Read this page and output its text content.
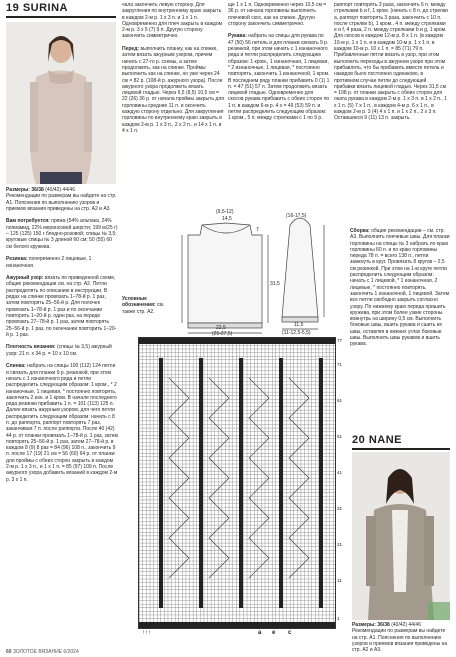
19 SURINA
Размеры: 36/38 (40/42) 44/46
Рекомендации по размерам вы найдете на стр. А1. Пояснения по выполнению узоров и приемов вязания приведены на стр. А2 и А3.

Вам потребуется: пряжа (54% альпака, 24% полиамид, 22% меринсовой шерсти; 199 м/25 г) – 125 (125) 150 г бледно-розовой; спицы № 3,5; круговые спицы № 3 длиной 60 см; 50 (55) 60 см белого кружева.

Резинка: попеременно 2 лицевые, 1 изнаночная.

Ажурный узор: вязать по приведенной схеме, общие рекомендации см. на стр. А2. Петли распределять по описанию в инструкции. В рядах на спинке провязать 1–78-й р. 1 раз, затем повторять 25–56-й р. Для полочек провязать 1–78-й р. 1 раз и по окончании повторить 1–20-й р. один раз, на переде провязать 27–78-й р. 1 раз, затем повторять 25–56-й р. 1 раз, по окончании повторить 1–20-й р. 1 раз.

Плотность вязания: (спицы № 3,5) ажурный узор: 21 п. х 34 р. = 10 х 10 см.

Спинка: набрать на спицы 100 (112) 124 петли и связать для планки 9 р. резинкой, при этом начать с 1 изнаночного ряда и петли распределить следующим образом: 1 кром., * 2 изнаночные, 1 лицевая, * постоянно повторять, закончить 2 изн. и 1 кром. В начале последнего ряда резинки прибавить 1 п. = 101 (113) 125 п. Далее вязать ажурным узором, для чего петли распределить следующим образом: начать с 8 п. до раппорта, раппорт повторять 7 раз, заканчивая 7 п. после раппорта. После 40 (42) 44 р. от планки провязать 1–78-й р. 1 раз, затем повторять 25–56-й р. 1 раз, затем 27–78-й р. в каждом 8 (9) 8 раз = 84 (96) 108 п., закончить 9 п. после 17 (19) 21 см = 56 (60) 64 р. от планки для проймы с обеих сторон закрыть в каждом 2-м р. 1 х 3 п., и 1 х 1 п. = 85 (97) 109 п. После ажурного узора добавить вязаний в каждом 2-м р. 3 х 1 п.
чала закончить левую сторону. Для закругления по внутреннему краю закрыть в каждом 2-м р. 1 х 3 п. и 1 х 1 п. Одновременно для плеч закрыть в каждом 2-м р. 3 х 5 (7) 9 п. Другую сторону закончить симметрично.

Перед: выполнить планку, как на спинке, затем вязать ажурным узором, причем начать с 27-го р. схемы, а затем продолжить, как на спинке. Проймы выполнить как на спинке, но уже через 24 см = 82 р. (108-й р. ажурного узора). После ажурного узора продолжить вязать лицевой гладью. Через 6,5 (8,5) 10,5 см = 22 (26) 36 р. от начала проймы закрыть для горловины средние 11 п. и окончить каждую сторону отдельно. Для закругления горловины по внутреннему краю закрыть в каждом 2-м р. 1 х 3 п., 2 х 2 п., и 14 х 1 п. и 4 х 1 п.
ще 1 х 1 п. Одновременно через 10,5 см = 36 р. от начала горловины выполнить плечевой скос, как на спинке. Другую сторону закончить симметрично.

Рукава: набрать на спицы для рукава по 47 (50) 56 петель и для планки связать 9 р. резинкой, при этом начать с 1 изнаночного ряда и петли распределить следующим образом: 1 кром., 1 изнаночная, 1 лицевая, * 2 изнаночные, 1 лицевая, * постоянно повторять, закончить 1 изнаночной, 1 кром. В последнем ряду планки прибавить 0 (1) 1 п. = 47 (51) 57 п. Затем продолжить вязать лицевой гладью. Одновременно для скосов рукава прибавить с обеих сторон по 1 п. в каждом 6-м р. 4 х = 49 (53) 59 п. и петли распределить следующим образом: 1 кром., 5 п. между стрелками с 1 по 9 р.
раппорт повторять 3 раза, закончить 6 п. между стрелками b и f, 1 кром. (начать с 8 п. до стрелки а, раппорт повторять 3 раза, закончить с 10 п. после стрелки b), 1 кром., 4 п. между стрелками e и f, 4 раза, 2 п. между стрелками b и g, 1 кром. Для скосов в каждом 12-м р. 8 х 1 п. (в каждом 10-м р. 1 х 1 п. и в каждом 10-м р. 1 х 1 п. в каждом 10-м р. 10 х 1 п. = 85 (71) 79 п. Прибавленные петли вязать в узор, при этом выполнить переходы в ажурном узоре при этом прибавлять, что бы прибавить вместе петель и накидов было постоянно одинаково, в противном случае петли до следующей прибавки вязать лицевой гладью. Через 31,5 см = 108 р. от планки закрыть с обеих сторон для окатa рукава в каждом 2-м р. 1 х 3 п. и 1 х 2 п., 1 х 1 п. (5) 7 х 1 п., в каждом 4-м р. 6 х 1 п., в каждом 2-м р. 3 (4) 4 х 1 п. и 1 х 2 п., 2 х 3 п. Оставшиеся 9 (11) 13 п. закрыть.
(9,5-12)
14,5
7
22,5
(25-27,5)
31,5
(16-17,5)
11,5
(11-12,5-5,5)
Условные обозначения: см. также стр. А2.
77
71
61
51
41
31
21
11
1
↑↑↑	a e c
Сборка: общие рекомендации – см. стр. А3. Выполнить плечевые швы. Для планки горловины на спицы № 3 набрать по краю горловины 60 п. и по краю горловины переда 78 п. = всего 138 п., петли замкнуть в круг. Провязать 8 кругов – 2,5 см резинкой. При этом на 1-м круге петли распределить следующим образом: начать с 1 лицевой, * 1 изнаночная, 2 лицевые, * постоянно повторять, закончить 1 изнаночной, 1 лицевой. Затем все петли свободно закрыть согласно узору. По нижнему краю переда пришить кружева, при этом более узкие стороны вовнутрь на ширину 0,5 см. Выполнить боковые швы, вшить рукава и сшить их швы, оставляя в нижних углах боковые швы. Выполнить швы рукавов и вшить рукава.
20 NANE
Размеры: 36/38 (40/42) 44/46
Рекомендации по размерам вы найдете на стр. А1. Пояснения по выполнению узоров и приемов вязания приведены на стр. А2 и А3.
60 ЗОЛОТОЕ ВЯЗАНИЕ 6/2024
